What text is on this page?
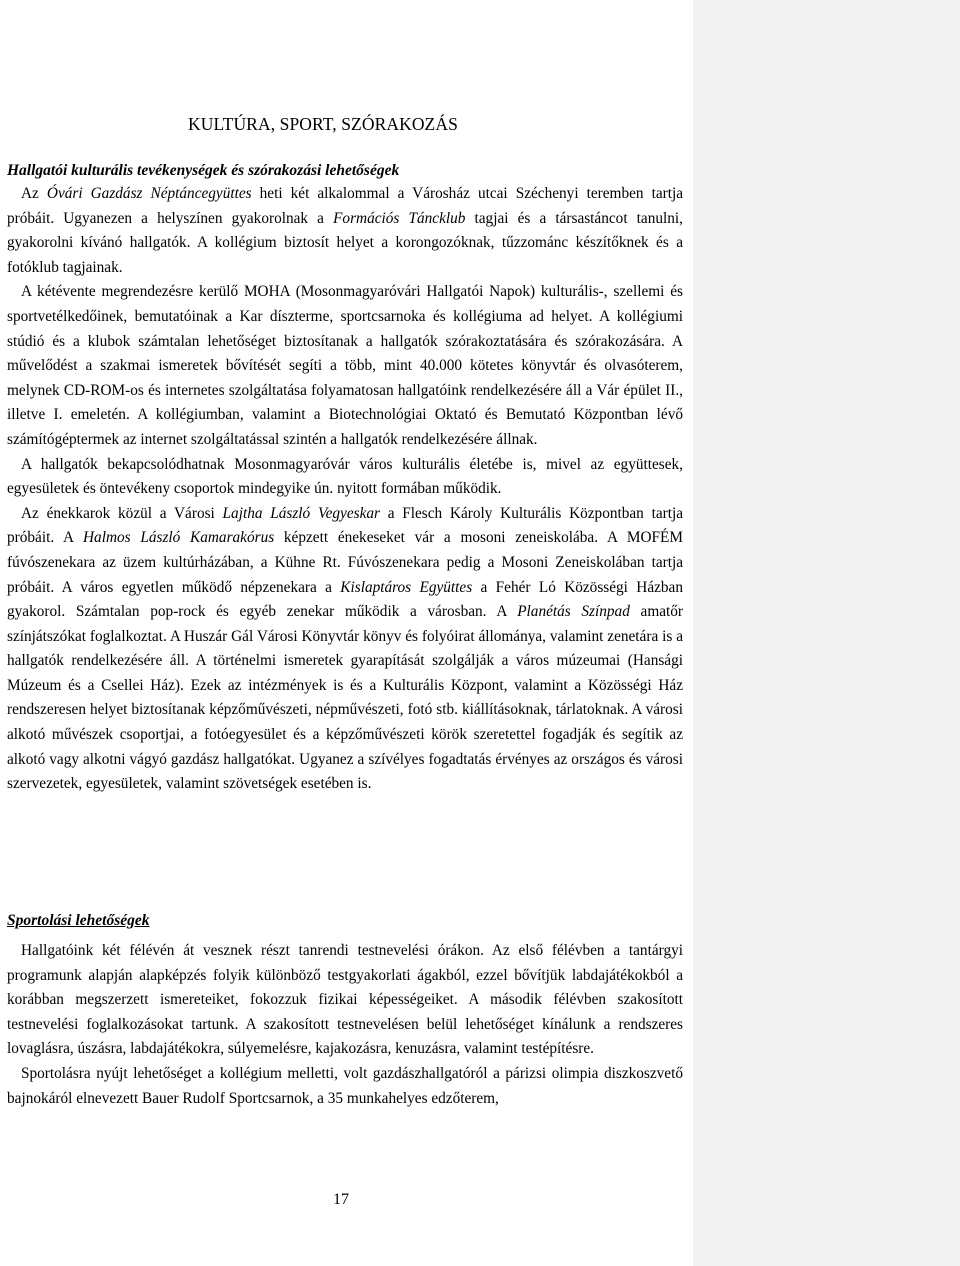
KULTÚRA, SPORT, SZÓRAKOZÁS
Hallgatói kulturális tevékenységek és szórakozási lehetőségek

Az Óvári Gazdász Néptáncegyüttes heti két alkalommal a Városház utcai Széchenyi teremben tartja próbáit. Ugyanezen a helyszínen gyakorolnak a Formációs Táncklub tagjai és a társastáncot tanulni, gyakorolni kívánó hallgatók. A kollégium biztosít helyet a korongozóknak, tűzzománc készítőknek és a fotóklub tagjainak.

A kétévente megrendezésre kerülő MOHA (Mosonmagyaróvári Hallgatói Napok) kulturális-, szellemi és sportvetélkedőinek, bemutatóinak a Kar díszterme, sportcsarnoka és kollégiuma ad helyet. A kollégiumi stúdió és a klubok számtalan lehetőséget biztosítanak a hallgatók szórakoztatására és szórakozására. A művelődést a szakmai ismeretek bővítését segíti a több, mint 40.000 kötetes könyvtár és olvasóterem, melynek CD-ROM-os és internetes szolgáltatása folyamatosan hallgatóink rendelkezésére áll a Vár épület II., illetve I. emeletén. A kollégiumban, valamint a Biotechnológiai Oktató és Bemutató Központban lévő számítógéptermek az internet szolgáltatással szintén a hallgatók rendelkezésére állnak.

A hallgatók bekapcsolódhatnak Mosonmagyaróvár város kulturális életébe is, mivel az együttesek, egyesületek és öntevékeny csoportok mindegyike ún. nyitott formában működik.

Az énekkarok közül a Városi Lajtha László Vegyeskar a Flesch Károly Kulturális Központban tartja próbáit. A Halmos László Kamarakórus képzett énekeseket vár a mosoni zeneiskolába. A MOFÉM fúvószenekara az üzem kultúrházában, a Kühne Rt. Fúvószenekara pedig a Mosoni Zeneiskolában tartja próbáit. A város egyetlen működő népzenekara a Kislaptáros Együttes a Fehér Ló Közösségi Házban gyakorol. Számtalan pop-rock és egyéb zenekar működik a városban. A Planétás Színpad amatőr színjátszókat foglalkoztat. A Huszár Gál Városi Könyvtár könyv és folyóirat állománya, valamint zenetára is a hallgatók rendelkezésére áll. A történelmi ismeretek gyarapítását szolgálják a város múzeumai (Hansági Múzeum és a Csellei Ház). Ezek az intézmények is és a Kulturális Központ, valamint a Közösségi Ház rendszeresen helyet biztosítanak képzőművészeti, népművészeti, fotó stb. kiállításoknak, tárlatoknak. A városi alkotó művészek csoportjai, a fotóegyesület és a képzőművészeti körök szeretettel fogadják és segítik az alkotó vagy alkotni vágyó gazdász hallgatókat. Ugyanez a szívélyes fogadtatás érvényes az országos és városi szervezetek, egyesületek, valamint szövetségek esetében is.

Sportolási lehetőségek

Hallgatóink két félévén át vesznek részt tanrendi testnevelési órákon. Az első félévben a tantárgyi programunk alapján alapképzés folyik különböző testgyakorlati ágakból, ezzel bővítjük labdajátékokból a korábban megszerzett ismereteiket, fokozzuk fizikai képességeiket. A második félévben szakosított testnevelési foglalkozásokat tartunk. A szakosított testnevelésen belül lehetőséget kínálunk a rendszeres lovaglásra, úszásra, labdajátékokra, súlyemelésre, kajakozásra, kenuzásra, valamint testépítésre.

Sportolásra nyújt lehetőséget a kollégium melletti, volt gazdászhallgatóról a párizsi olimpia diszkoszvető bajnokáról elnevezett Bauer Rudolf Sportcsarnok, a 35 munkahelyes edzőterem,

17
